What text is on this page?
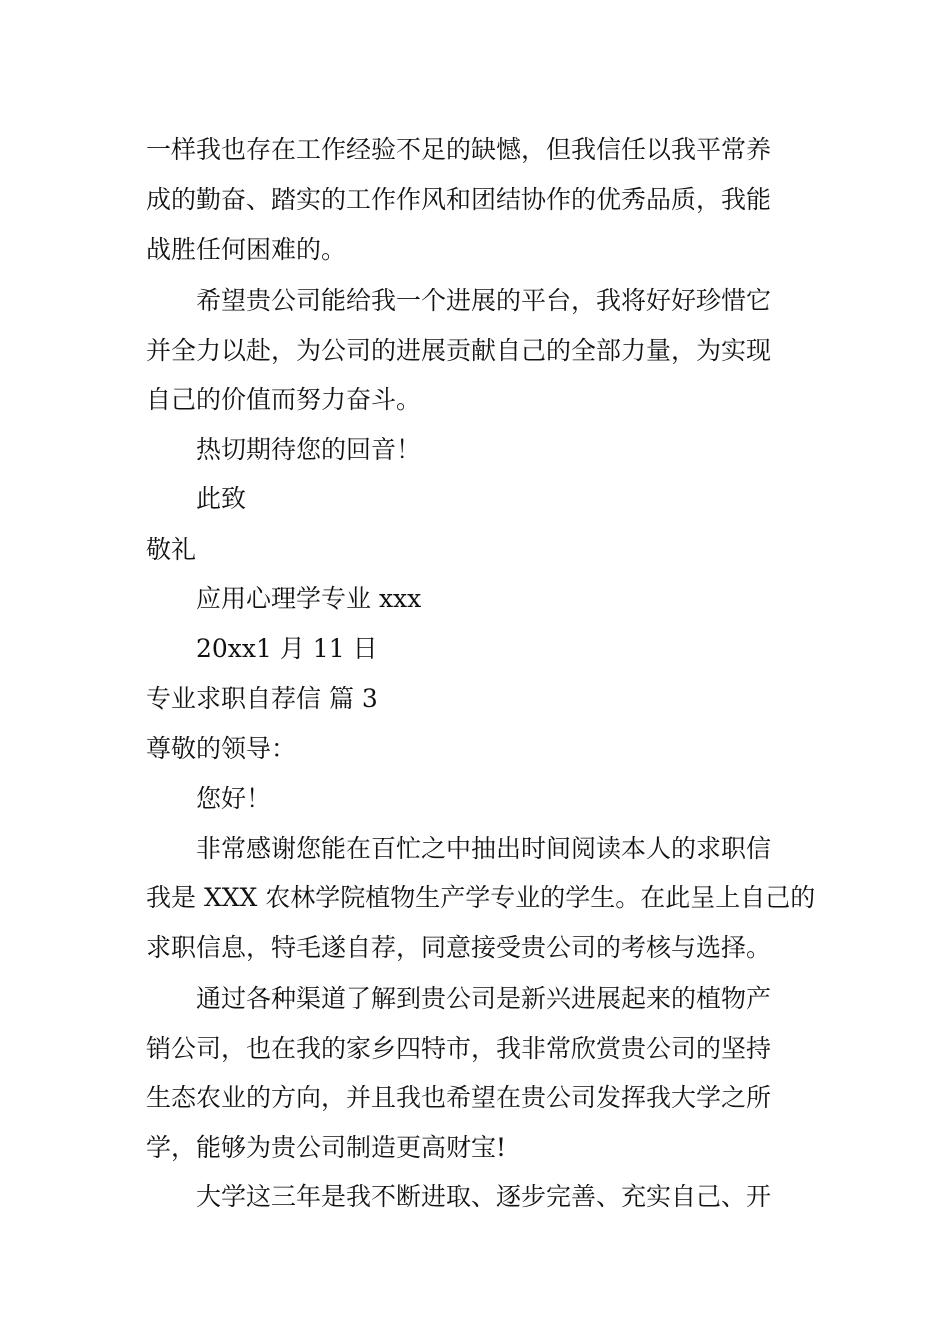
一样我也存在工作经验不足的缺憾，但我信任以我平常养
成的勤奋、踏实的工作作风和团结协作的优秀品质，我能
战胜任何困难的。
希望贵公司能给我一个进展的平台，我将好好珍惜它
并全力以赴，为公司的进展贡献自己的全部力量，为实现
自己的价值而努力奋斗。
热切期待您的回音！
此致
敬礼
应用心理学专业 xxx
20xx1 月 11 日
专业求职自荐信 篇 3
尊敬的领导：
您好！
非常感谢您能在百忙之中抽出时间阅读本人的求职信
我是 XXX 农林学院植物生产学专业的学生。在此呈上自己的
求职信息，特毛遂自荐，同意接受贵公司的考核与选择。
通过各种渠道了解到贵公司是新兴进展起来的植物产
销公司，也在我的家乡四特市，我非常欣赏贵公司的坚持
生态农业的方向，并且我也希望在贵公司发挥我大学之所
学，能够为贵公司制造更高财宝!
大学这三年是我不断进取、逐步完善、充实自己、开
